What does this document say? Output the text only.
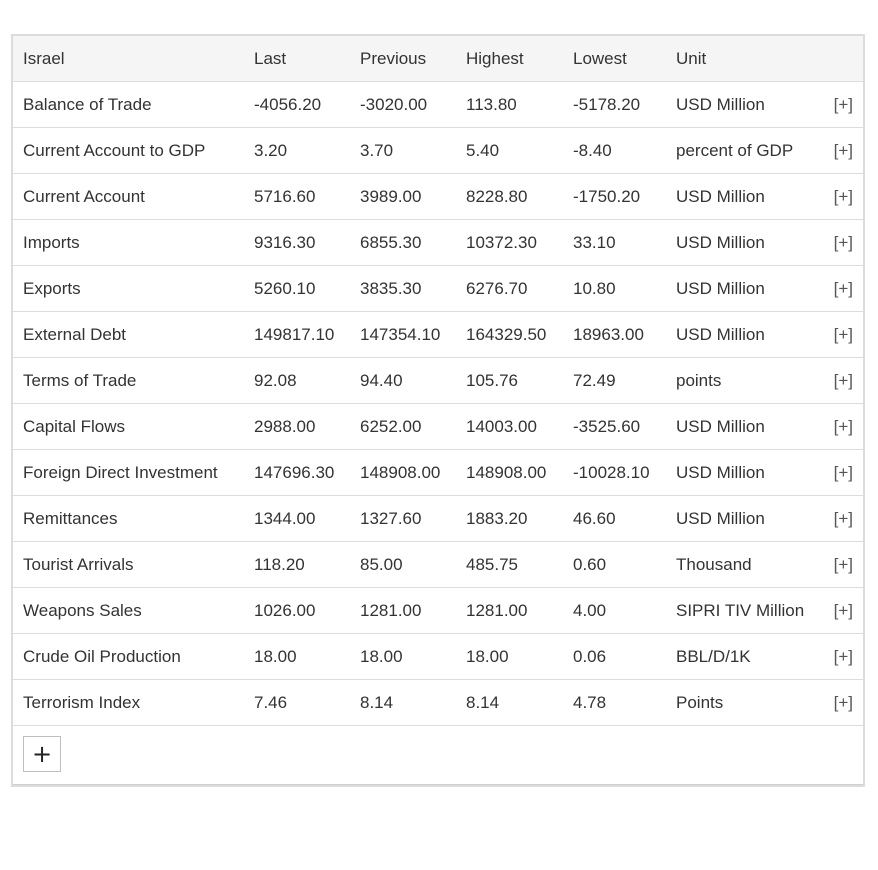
Israel	Last	Previous	Highest	Lowest	Unit	
Balance of Trade	-4056.20	-3020.00	113.80	-5178.20	USD Million	[+]
Current Account to GDP	3.20	3.70	5.40	-8.40	percent of GDP	[+]
Current Account	5716.60	3989.00	8228.80	-1750.20	USD Million	[+]
Imports	9316.30	6855.30	10372.30	33.10	USD Million	[+]
Exports	5260.10	3835.30	6276.70	10.80	USD Million	[+]
External Debt	149817.10	147354.10	164329.50	18963.00	USD Million	[+]
Terms of Trade	92.08	94.40	105.76	72.49	points	[+]
Capital Flows	2988.00	6252.00	14003.00	-3525.60	USD Million	[+]
Foreign Direct Investment	147696.30	148908.00	148908.00	-10028.10	USD Million	[+]
Remittances	1344.00	1327.60	1883.20	46.60	USD Million	[+]
Tourist Arrivals	118.20	85.00	485.75	0.60	Thousand	[+]
Weapons Sales	1026.00	1281.00	1281.00	4.00	SIPRI TIV Million	[+]
Crude Oil Production	18.00	18.00	18.00	0.06	BBL/D/1K	[+]
Terrorism Index	7.46	8.14	8.14	4.78	Points	[+]
+
